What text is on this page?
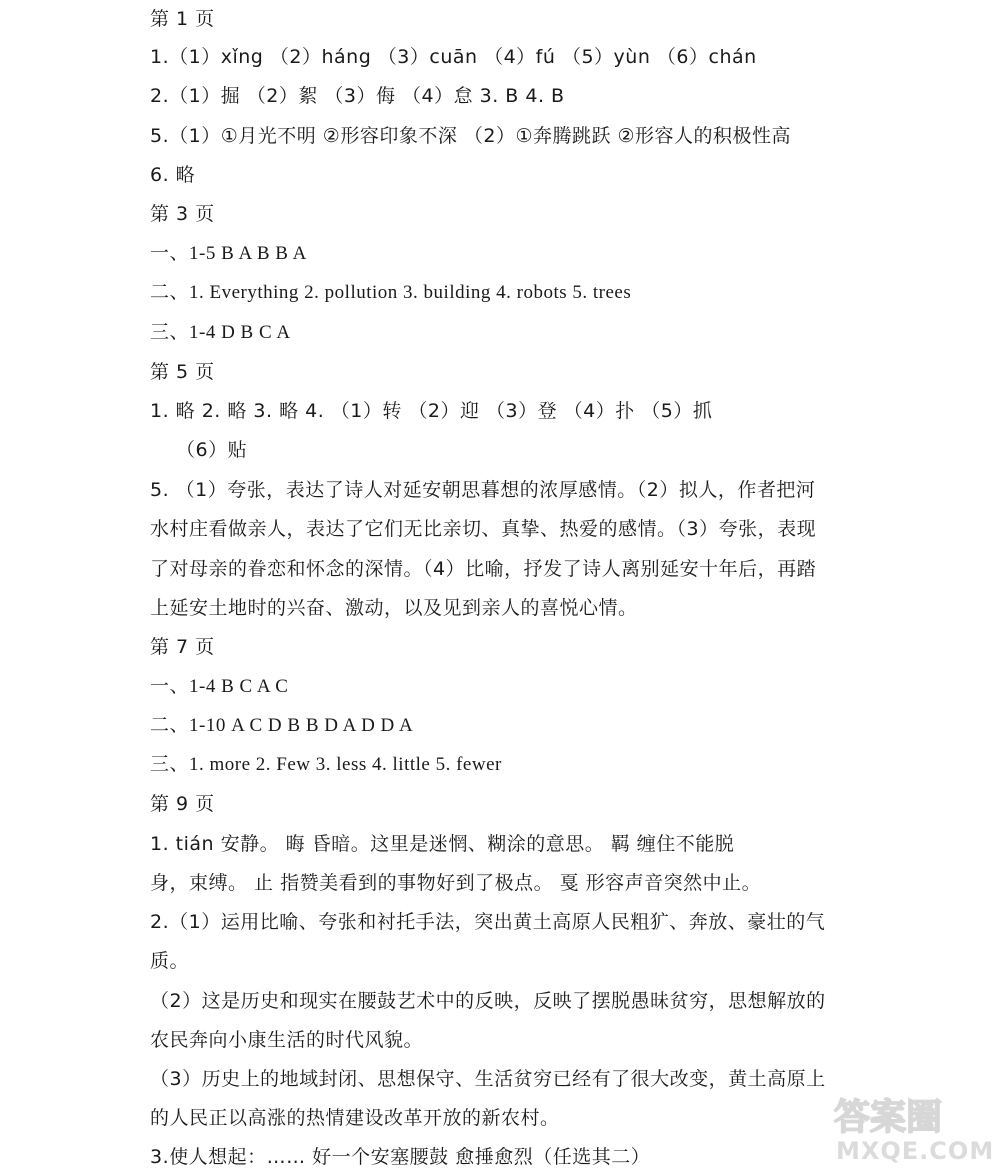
第 1 页
1.（1）xǐng （2）háng （3）cuān （4）fú （5）yùn （6）chán
2.（1）掘 （2）絮 （3）侮 （4）怠 3. B 4. B
5.（1）①月光不明 ②形容印象不深 （2）①奔腾跳跃 ②形容人的积极性高
6. 略
第 3 页
一、1-5 B A B B A
二、1. Everything 2. pollution 3. building 4. robots 5. trees
三、1-4 D B C A
第 5 页
1. 略 2. 略 3. 略 4. （1）转 （2）迎 （3）登 （4）扑 （5）抓
（6）贴
5. （1）夸张，表达了诗人对延安朝思暮想的浓厚感情。（2）拟人，作者把河
水村庄看做亲人，表达了它们无比亲切、真挚、热爱的感情。（3）夸张，表现
了对母亲的眷恋和怀念的深情。（4）比喻，抒发了诗人离别延安十年后，再踏
上延安土地时的兴奋、激动，以及见到亲人的喜悦心情。
第 7 页
一、1-4 B C A C
二、1-10 A C D B B D A D D A
三、1. more 2. Few 3. less 4. little 5. fewer
第 9 页
1. tián 安静。 晦 昏暗。这里是迷惘、糊涂的意思。 羁 缠住不能脱
身，束缚。 止 指赞美看到的事物好到了极点。 戛 形容声音突然中止。
2.（1）运用比喻、夸张和衬托手法，突出黄土高原人民粗犷、奔放、豪壮的气
质。
（2）这是历史和现实在腰鼓艺术中的反映，反映了摆脱愚昧贫穷，思想解放的
农民奔向小康生活的时代风貌。
（3）历史上的地域封闭、思想保守、生活贫穷已经有了很大改变，黄土高原上
的人民正以高涨的热情建设改革开放的新农村。
3.使人想起：…… 好一个安塞腰鼓 愈捶愈烈（任选其二）
答案圈
MXQE.COM
